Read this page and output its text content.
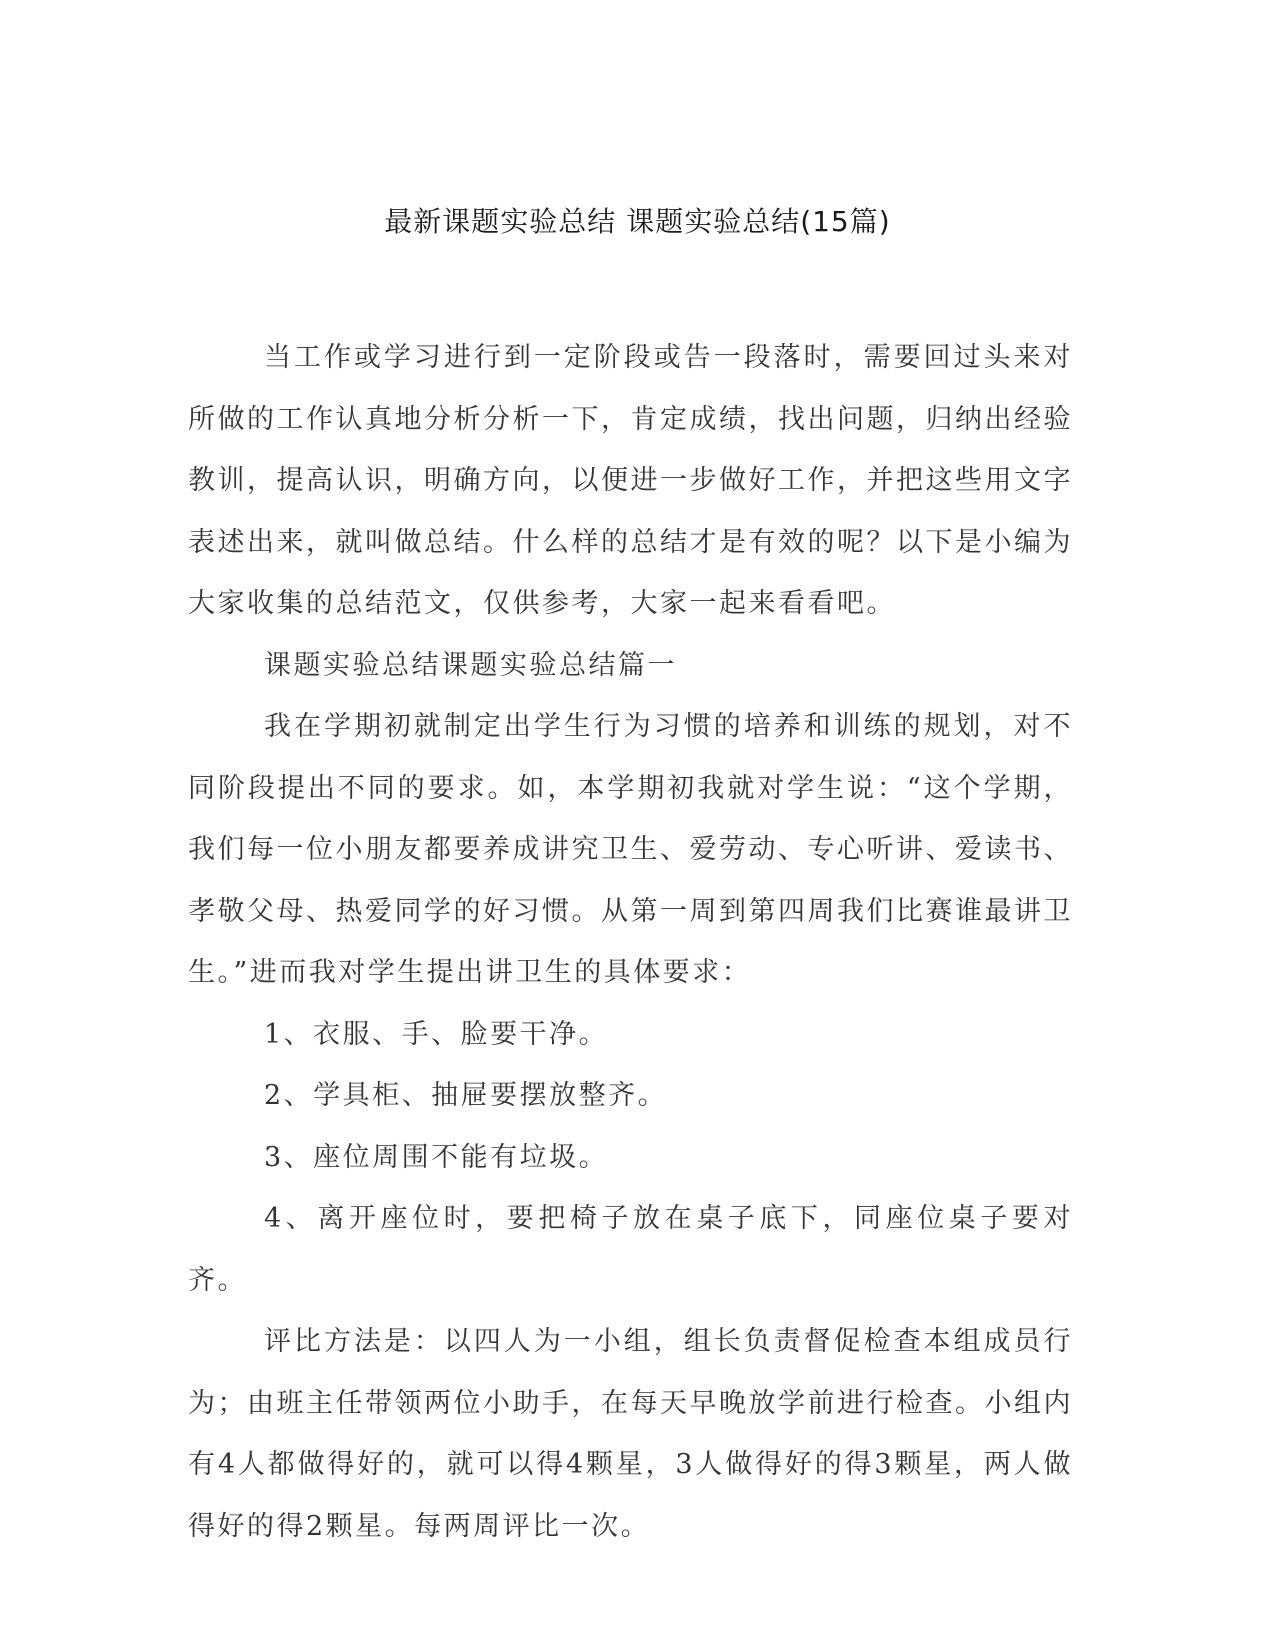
最新课题实验总结 课题实验总结(15篇)

当工作或学习进行到一定阶段或告一段落时，需要回过头来对所做的工作认真地分析分析一下，肯定成绩，找出问题，归纳出经验教训，提高认识，明确方向，以便进一步做好工作，并把这些用文字表述出来，就叫做总结。什么样的总结才是有效的呢？以下是小编为大家收集的总结范文，仅供参考，大家一起来看看吧。

课题实验总结课题实验总结篇一

我在学期初就制定出学生行为习惯的培养和训练的规划，对不同阶段提出不同的要求。如，本学期初我就对学生说：“这个学期，我们每一位小朋友都要养成讲究卫生、爱劳动、专心听讲、爱读书、孝敬父母、热爱同学的好习惯。从第一周到第四周我们比赛谁最讲卫生。”进而我对学生提出讲卫生的具体要求：

1、衣服、手、脸要干净。

2、学具柜、抽屉要摆放整齐。

3、座位周围不能有垃圾。

4、离开座位时，要把椅子放在桌子底下，同座位桌子要对齐。

评比方法是：以四人为一小组，组长负责督促检查本组成员行为；由班主任带领两位小助手，在每天早晚放学前进行检查。小组内有4人都做得好的，就可以得4颗星，3人做得好的得3颗星，两人做得好的得2颗星。每两周评比一次。
